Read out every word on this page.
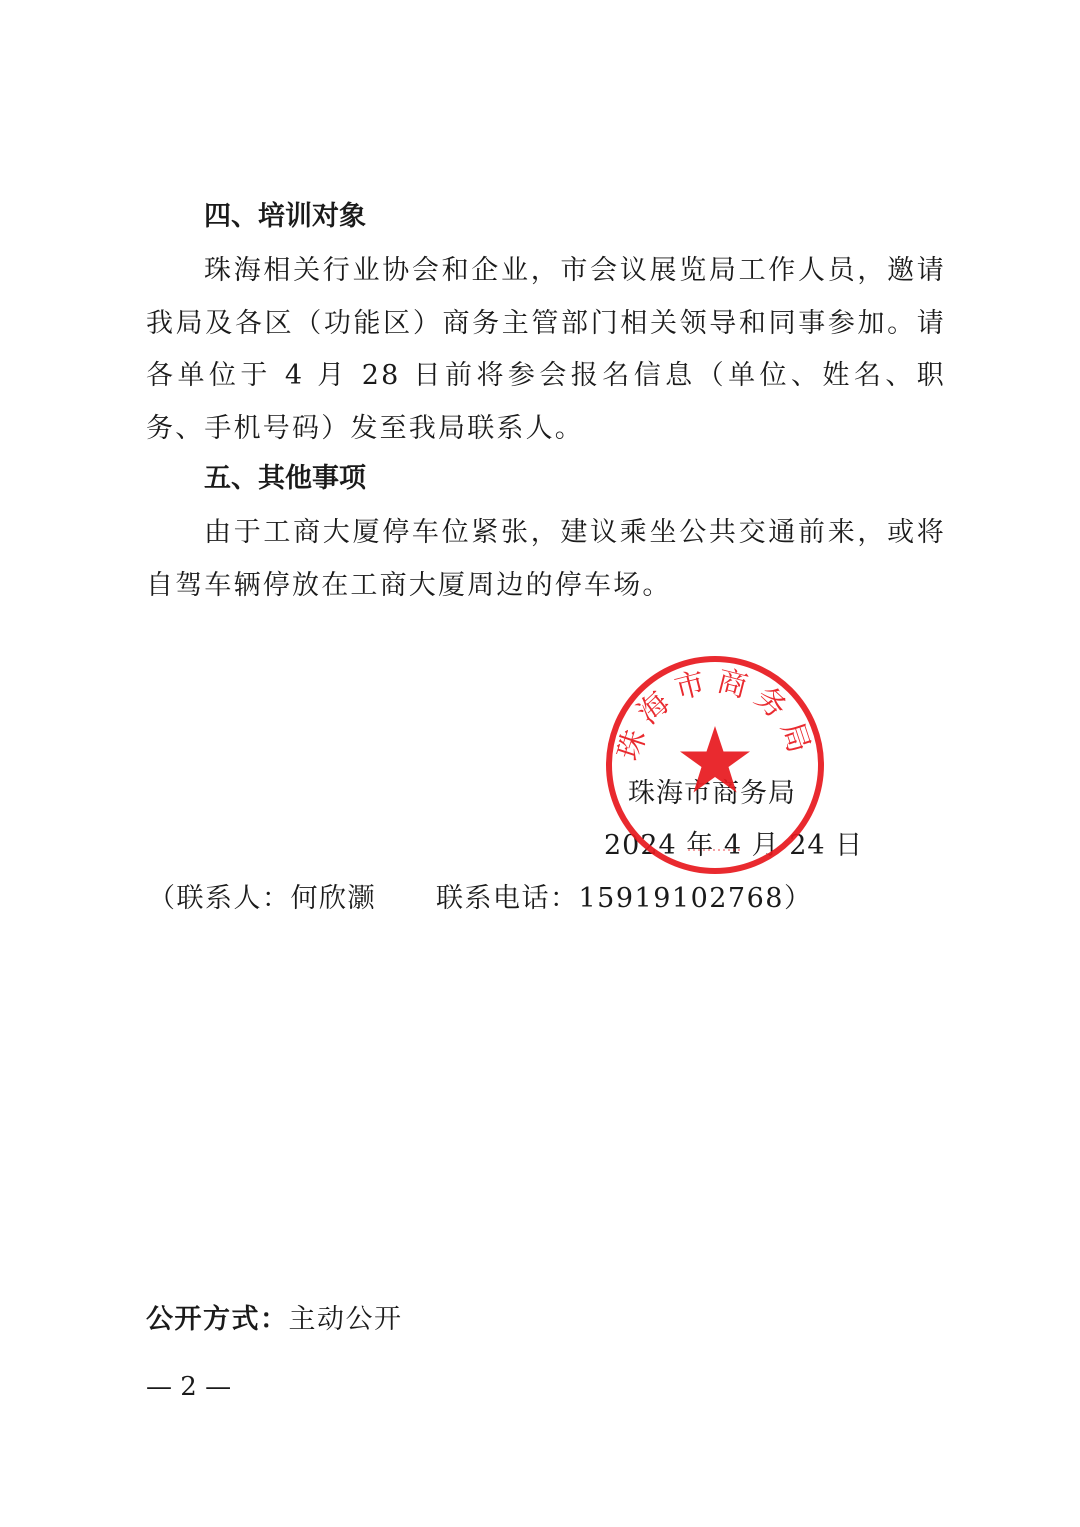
四、培训对象

珠海相关行业协会和企业，市会议展览局工作人员，邀请我局及各区（功能区）商务主管部门相关领导和同事参加。请各单位于 4 月 28 日前将参会报名信息（单位、姓名、职务、手机号码）发至我局联系人。

五、其他事项

由于工商大厦停车位紧张，建议乘坐公共交通前来，或将自驾车辆停放在工商大厦周边的停车场。

珠海市商务局

2024 年 4 月 24 日

珠海市商务局

（联系人：何欣灏 联系电话：15919102768）

公开方式：主动公开

— 2 —
